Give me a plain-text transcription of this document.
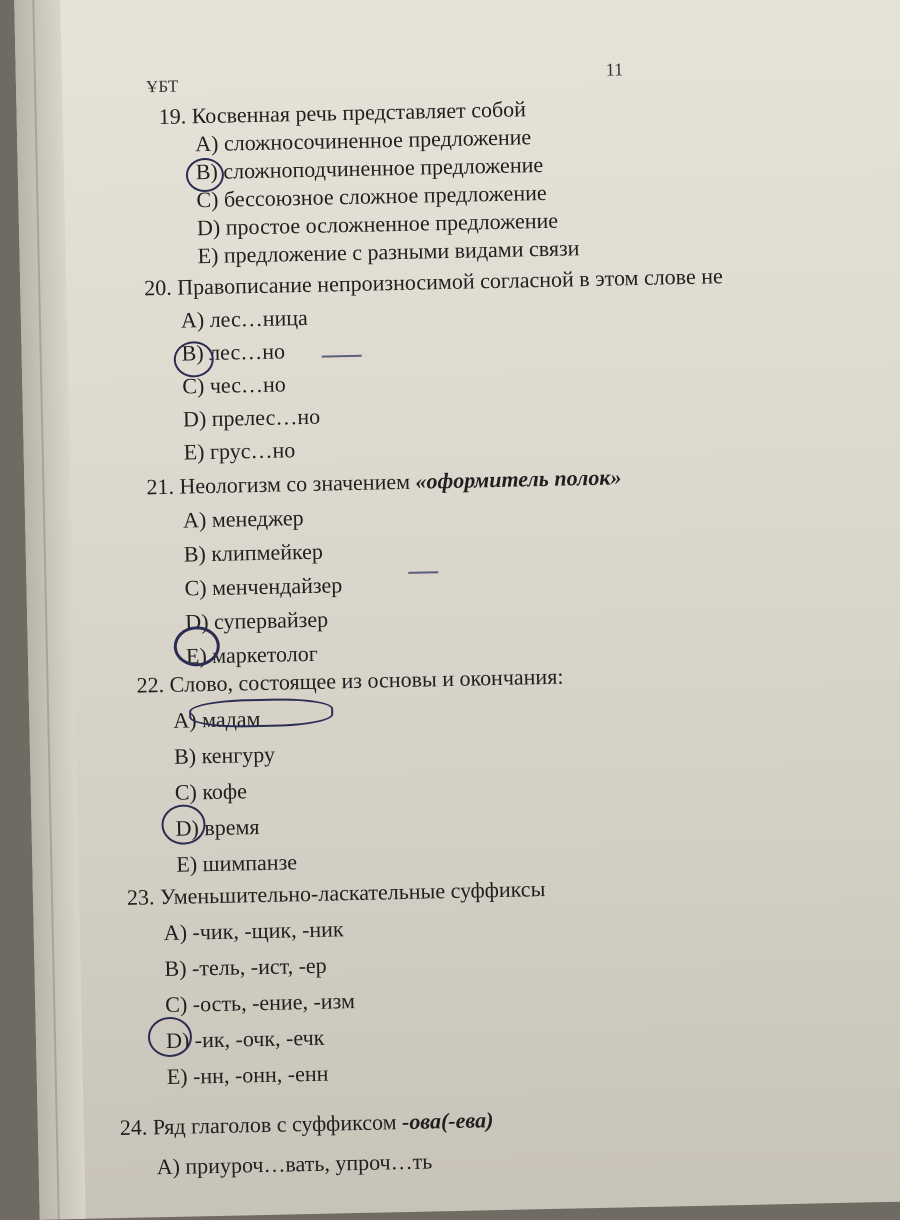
ҰБТ
11
19. Косвенная речь представляет собой
A) сложносочиненное предложение
B) сложноподчиненное предложение
C) бессоюзное сложное предложение
D) простое осложненное предложение
E) предложение с разными видами связи
20. Правописание непроизносимой согласной в этом слове не
A) лес…ница
B) лес…но
C) чес…но
D) прелес…но
E) грус…но
21. Неологизм со значением «оформитель полок»
A) менеджер
B) клипмейкер
C) менчендайзер
D) супервайзер
E) маркетолог
22. Слово, состоящее из основы и окончания:
A) мадам
B) кенгуру
C) кофе
D) время
E) шимпанзе
23. Уменьшительно-ласкательные суффиксы
A) -чик, -щик, -ник
B) -тель, -ист, -ер
C) -ость, -ение, -изм
D) -ик, -очк, -ечк
E) -нн, -онн, -енн
24. Ряд глаголов с суффиксом -ова(-ева)
A) приуроч…вать, упроч…ть
